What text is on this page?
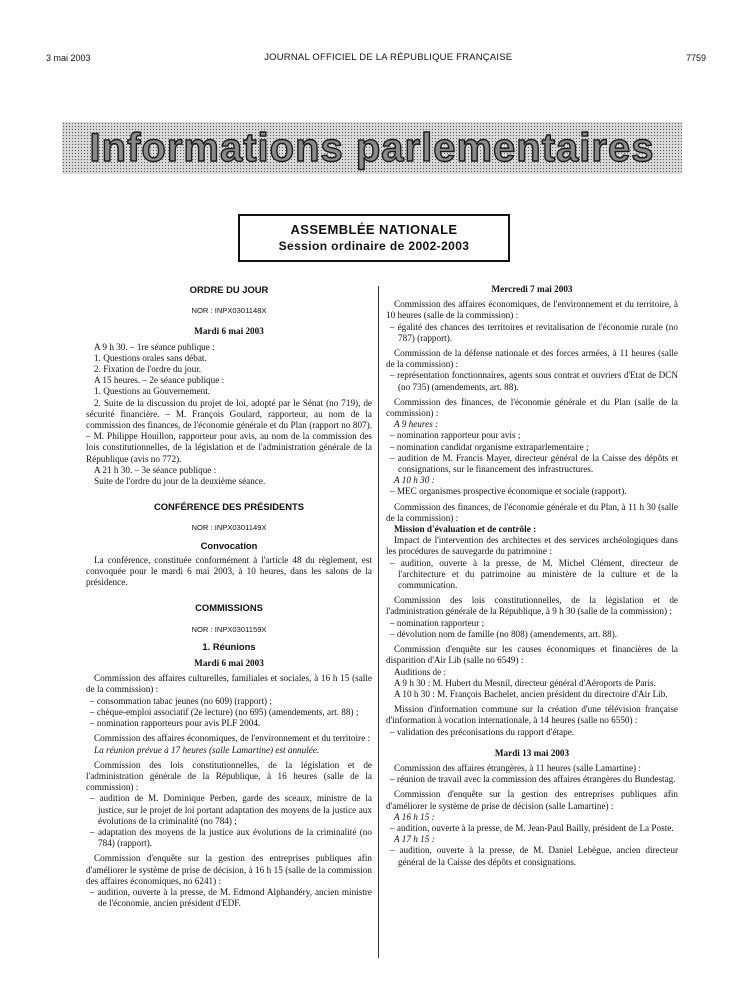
3 mai 2003	JOURNAL OFFICIEL DE LA RÉPUBLIQUE FRANÇAISE	7759
Informations parlementaires
ASSEMBLÉE NATIONALE
Session ordinaire de 2002-2003
ORDRE DU JOUR
NOR : INPX0301148X
Mardi 6 mai 2003
A 9 h 30. – 1re séance publique :
1. Questions orales sans débat.
2. Fixation de l'ordre du jour.
A 15 heures. – 2e séance publique :
1. Questions au Gouvernement.
2. Suite de la discussion du projet de loi, adopté par le Sénat (no 719), de sécurité financière. – M. François Goulard, rapporteur, au nom de la commission des finances, de l'économie générale et du Plan (rapport no 807). – M. Philippe Houillon, rapporteur pour avis, au nom de la commission des lois constitutionnelles, de la législation et de l'administration générale de la République (avis no 772).
A 21 h 30. – 3e séance publique :
Suite de l'ordre du jour de la deuxième séance.
CONFÉRENCE DES PRÉSIDENTS
NOR : INPX0301149X
Convocation
La conférence, constituée conformément à l'article 48 du règlement, est convoquée pour le mardi 6 mai 2003, à 10 heures, dans les salons de la présidence.
COMMISSIONS
NOR : INPX0301159X
1. Réunions
Mardi 6 mai 2003
Commission des affaires culturelles, familiales et sociales, à 16 h 15 (salle de la commission) :
– consommation tabac jeunes (no 609) (rapport) ;
– chèque-emploi associatif (2e lecture) (no 695) (amendements, art. 88) ;
– nomination rapporteurs pour avis PLF 2004.
Commission des affaires économiques, de l'environnement et du territoire :
La réunion prévue à 17 heures (salle Lamartine) est annulée.
Commission des lois constitutionnelles, de la législation et de l'administration générale de la République, à 16 heures (salle de la commission) :
– audition de M. Dominique Perben, garde des sceaux, ministre de la justice, sur le projet de loi portant adaptation des moyens de la justice aux évolutions de la criminalité (no 784) ;
– adaptation des moyens de la justice aux évolutions de la criminalité (no 784) (rapport).
Commission d'enquête sur la gestion des entreprises publiques afin d'améliorer le système de prise de décision, à 16 h 15 (salle de la commission des affaires économiques, no 6241) :
– audition, ouverte à la presse, de M. Edmond Alphandéry, ancien ministre de l'économie, ancien président d'EDF.
Mercredi 7 mai 2003
Commission des affaires économiques, de l'environnement et du territoire, à 10 heures (salle de la commission) :
– égalité des chances des territoires et revitalisation de l'économie rurale (no 787) (rapport).
Commission de la défense nationale et des forces armées, à 11 heures (salle de la commission) :
– représentation fonctionnaires, agents sous contrat et ouvriers d'Etat de DCN (no 735) (amendements, art. 88).
Commission des finances, de l'économie générale et du Plan (salle de la commission) :
A 9 heures :
– nomination rapporteur pour avis ;
– nomination candidat organisme extraparlementaire ;
– audition de M. Francis Mayer, directeur général de la Caisse des dépôts et consignations, sur le financement des infrastructures.
A 10 h 30 :
– MEC organismes prospective économique et sociale (rapport).
Commission des finances, de l'économie générale et du Plan, à 11 h 30 (salle de la commission) :
Mission d'évaluation et de contrôle :
Impact de l'intervention des architectes et des services archéologiques dans les procédures de sauvegarde du patrimoine :
– audition, ouverte à la presse, de M. Michel Clément, directeur de l'architecture et du patrimoine au ministère de la culture et de la communication.
Commission des lois constitutionnelles, de la législation et de l'administration générale de la République, à 9 h 30 (salle de la commission) :
– nomination rapporteur ;
– dévolution nom de famille (no 808) (amendements, art. 88).
Commission d'enquête sur les causes économiques et financières de la disparition d'Air Lib (salle no 6549) :
Auditions de :
A 9 h 30 : M. Hubert du Mesnil, directeur général d'Aéroports de Paris.
A 10 h 30 : M. François Bachelet, ancien président du directoire d'Air Lib.
Mission d'information commune sur la création d'une télévision française d'information à vocation internationale, à 14 heures (salle no 6550) :
– validation des préconisations du rapport d'étape.
Mardi 13 mai 2003
Commission des affaires étrangères, à 11 heures (salle Lamartine) :
– réunion de travail avec la commission des affaires étrangères du Bundestag.
Commission d'enquête sur la gestion des entreprises publiques afin d'améliorer le système de prise de décision (salle Lamartine) :
A 16 h 15 :
– audition, ouverte à la presse, de M. Jean-Paul Bailly, président de La Poste.
A 17 h 15 :
– audition, ouverte à la presse, de M. Daniel Lebègue, ancien directeur général de la Caisse des dépôts et consignations.
